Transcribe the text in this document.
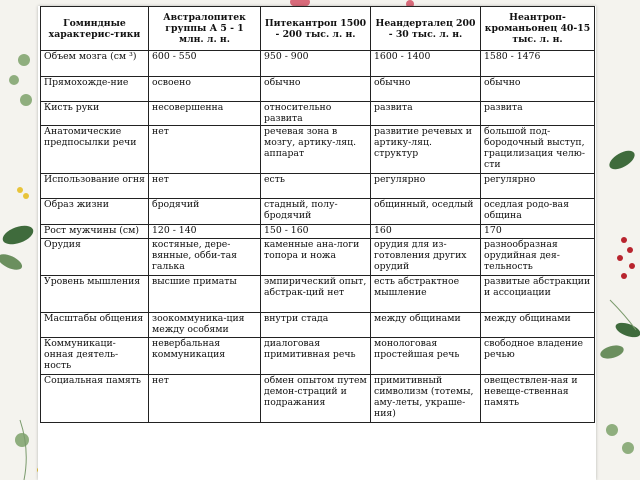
Гоминдные характерис-тики	Австралопитек группы А 5 - 1 млн. л. н.	Питекантроп 1500 - 200 тыс. л. н.	Неандерталец 200 - 30 тыс. л. н.	Неантроп-кроманьонец 40-15 тыс. л. н.
Объем мозга (см ³)	600 - 550	950 - 900	1600 - 1400	1580 - 1476
Прямохожде-ние	освоено	обычно	обычно	обычно
Кисть руки	несовершенна	относительно развита	развита	развита
Анатомические предпосылки речи	нет	речевая зона в мозгу, артику-ляц. аппарат	развитие речевых и артику-ляц. структур	большой под-бородочный выступ, грацилизация челю-сти
Использование огня	нет	есть	регулярно	регулярно
Образ жизни	бродячий	стадный, полу-бродячий	общинный, оседлый	оседлая родо-вая община
Рост мужчины (см)	120 - 140	150 - 160	160	170
Орудия	костяные, дере-вянные, обби-тая галька	каменные ана-логи топора и ножа	орудия для из-готовления других орудий	разнообразная орудийная дея-тельность
Уровень мышления	высшие приматы	эмпирический опыт, абстрак-ций нет	есть абстрактное мышление	развитые абстракции и ассоциации
Масштабы общения	зоокоммуника-ция между особями	внутри стада	между общинами	между общинами
Коммуникаци-онная деятель-ность	невербальная коммуникация	диалоговая примитивная речь	монологовая простейшая речь	свободное владение речью
Социальная память	нет	обмен опытом путем демон-страций и подражания	примитивный символизм (тотемы, аму-леты, украше-ния)	овеществлен-ная и невеще-ственная память
